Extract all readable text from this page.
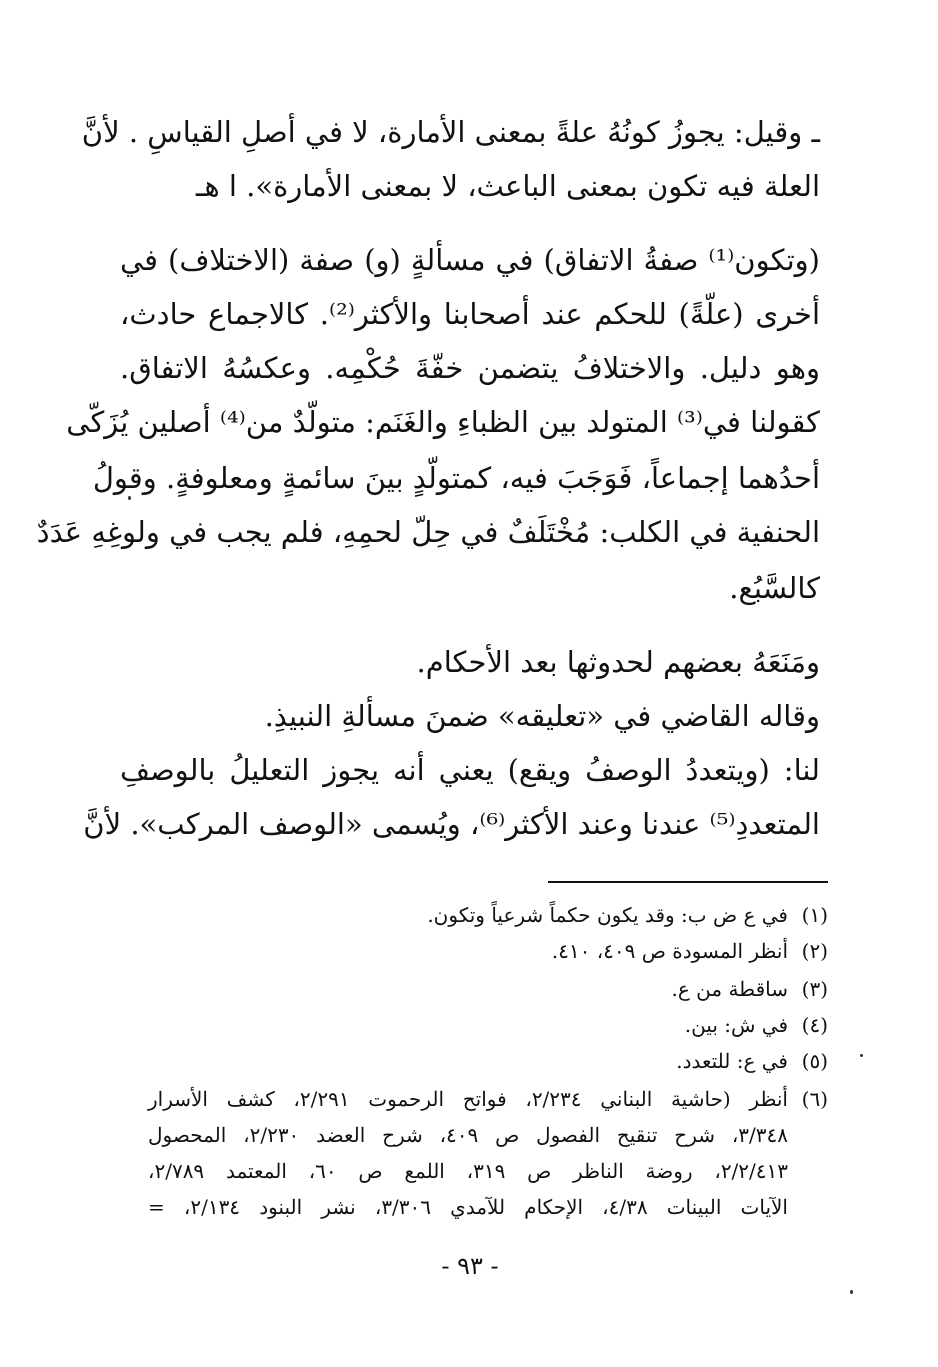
ـ وقيل: يجوزُ كونُهُ علةً بمعنى الأمارة، لا في أصلِ القياسِ . لأنَّ
العلة فيه تكون بمعنى الباعث، لا بمعنى الأمارة». ا هـ
(وتكون⁽¹⁾ صفةُ الاتفاق) في مسألةٍ (و) صفة (الاختلاف) في
أخرى (علّةً) للحكم عند أصحابنا والأكثر⁽²⁾. كالاجماع حادث،
وهو دليل. والاختلافُ يتضمن خفّةَ حُكْمِه. وعكسُهُ الاتفاق.
كقولنا في⁽³⁾ المتولد بين الظباءِ والغَنَم: متولّدٌ من⁽⁴⁾ أصلين يُزَكّى
أحدُهما إجماعاً، فَوَجَبَ فيه، كمتولّدٍ بينَ سائمةٍ ومعلوفةٍ. وقولُ
الحنفية في الكلب: مُخْتَلَفٌ في حِلّ لحمِهِ، فلم يجب في ولوغِهِ عَدَدٌ
كالسَّبُع.
ومَنَعَهُ بعضهم لحدوثها بعد الأحكام.
وقاله القاضي في «تعليقه» ضمنَ مسألةِ النبيذِ.
لنا: (ويتعددُ الوصفُ ويقع) يعني أنه يجوز التعليلُ بالوصفِ
المتعددِ⁽⁵⁾ عندنا وعند الأكثر⁽⁶⁾، ويُسمى «الوصف المركب». لأنَّ
(١)
في ع ض ب: وقد يكون حكماً شرعياً وتكون.
(٢)
أنظر المسودة ص ٤٠٩، ٤١٠.
(٣)
ساقطة من ع.
(٤)
في ش: بين.
(٥)
في ع: للتعدد.
(٦)
أنظر (حاشية البناني ٢/٢٣٤، فواتح الرحموت ٢/٢٩١، كشف الأسرار
٣/٣٤٨، شرح تنقيح الفصول ص ٤٠٩، شرح العضد ٢/٢٣٠، المحصول
٢/٢/٤١٣، روضة الناظر ص ٣١٩، اللمع ص ٦٠، المعتمد ٢/٧٨٩،
الآيات البينات ٤/٣٨، الإحكام للآمدي ٣/٣٠٦، نشر البنود ٢/١٣٤، =
- ٩٣ -
